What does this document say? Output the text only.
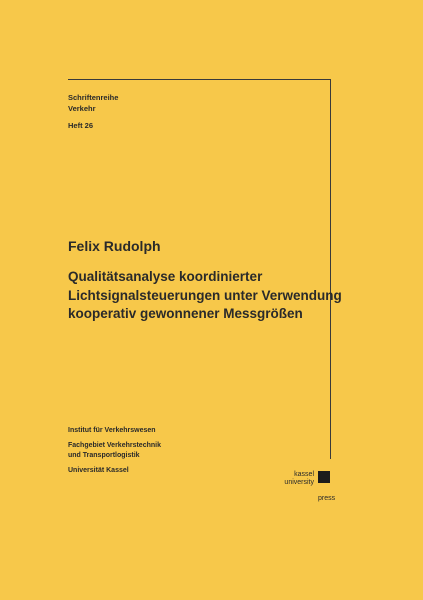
Schriftenreihe
Verkehr
Heft 26
Felix Rudolph
Qualitätsanalyse koordinierter
Lichtsignalsteuerungen unter Verwendung
kooperativ gewonnener Messgrößen
Institut für Verkehrswesen
Fachgebiet Verkehrstechnik
und Transportlogistik
Universität Kassel
kassel
university
press
